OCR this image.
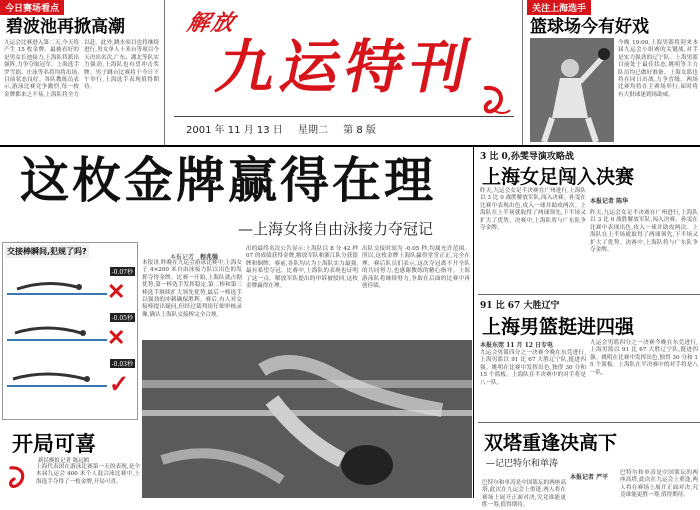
解放
九运特刊
2001 年 11 月 13 日 星期二 第 8 版
今日赛场看点
碧波池再掀高潮
九运会比赛进入第二天,今天将产生 15 枚金牌。最被看好的是男女长池接力,上海队将派出强阵,力争夺取冠军。上海选手罗雪娟、庄泳等名将均将出场,目前状态良好。各队教练员表示,游泳比赛竞争激烈,每一枚金牌都来之不易,上海队将全力以赴。此外,跳水项目也将继续进行,男女单人十米台等项目今天决出名次,广东、湖北等队实力强劲,上海队也有望冲击奖牌。男子跳台比赛将于今日下午举行,上海选手表现值得期待。
关注上海选手
篮球场今有好戏
今晚 19:00,上海男篮将迎来本届九运会小组赛的关键战,对手是实力强劲的辽宁队。上海男篮目前处于最佳状态,姚明等主力队员均已做好准备。上海女篮也将在同日出战,力争晋级。两场比赛均将在主赛场举行,届时将有大批球迷到场助威。
这枚金牌赢得在理
—上海女将自由泳接力夺冠记
交接棒瞬间,犯规了吗?
-0.07秒
✕
-0.05秒
✕
-0.03秒
✓
开局可喜
新民晚报记者 陈远鸥
上海代表团在游泳比赛第一天的表现,是全本届九运会 400 米个人混合泳比赛中,上海选手夺得了一枚金牌,开局可喜。
本报记者 程兆强
本报讯 昨晚在九运会游泳比赛中,上海女子 4×200 米自由泳接力队以出色的发挥夺得金牌。比赛一开始,上海队就占据优势,第一棒选手发挥稳定,第二棒和第三棒选手继续扩大领先优势,最后一棒选手以强劲的冲刺确保胜利。赛后,有人对交接棒提出疑问,但经过裁判组仔细审核录像,确认上海队交接棒完全合规。
出的最终名次公告显示:上海队以 8 分 42 秒 07 的成绩获得金牌,解放军队和浙江队分获银牌和铜牌。赛前,各队均认为上海队实力最强,最有希望夺冠。比赛中,上海队的表现也证明了这一点。解放军队提出的申诉被驳回,这枚金牌赢得在理。
出队交接时间为 -0.05 秒,均属允许范围。所以,这枚金牌上海队赢得堂堂正正,完全在理。赛后队员们表示,这次夺冠离不开全队的共同努力,也感谢教练的精心指导。上海游泳队将继续努力,争取在后面的比赛中再创佳绩。
3 比 0,孙雯导演攻略战
上海女足闯入决赛
昨天,九运会女足半决赛在广州进行,上海队以 3 比 0 战胜解放军队,闯入决赛。孙雯在比赛中表现出色,攻入一球并助攻两次。上海队在上半场就取得了两球领先,下半场又扩大了优势。决赛中,上海队将与广东队争夺金牌。
本报记者 陈华
昨天,九运会女足半决赛在广州进行,上海队以 3 比 0 战胜解放军队,闯入决赛。孙雯在比赛中表现出色,攻入一球并助攻两次。上海队在上半场就取得了两球领先,下半场又扩大了优势。决赛中,上海队将与广东队争夺金牌。
91 比 67 大胜辽宁
上海男篮挺进四强
本报东莞 11 月 12 日专电
九运会男篮四分之一决赛今晚在东莞进行,上海男篮以 91 比 67 大胜辽宁队,挺进四强。姚明在比赛中发挥出色,独得 30 分和 15 个篮板。上海队在半决赛中的对手将是八一队。
九运会男篮四分之一决赛今晚在东莞进行,上海男篮以 91 比 67 大胜辽宁队,挺进四强。姚明在比赛中发挥出色,独得 30 分和 15 个篮板。上海队在半决赛中的对手将是八一队。
双塔重逢决高下
—记巴特尔和单涛
本报记者 严平
巴特尔和单涛是中国篮坛的两座高塔,此次在九运会上重逢,两人将在赛场上展开正面对决,究竟谁能更胜一筹,值得期待。
巴特尔和单涛是中国篮坛的两座高塔,此次在九运会上重逢,两人将在赛场上展开正面对决,究竟谁能更胜一筹,值得期待。
